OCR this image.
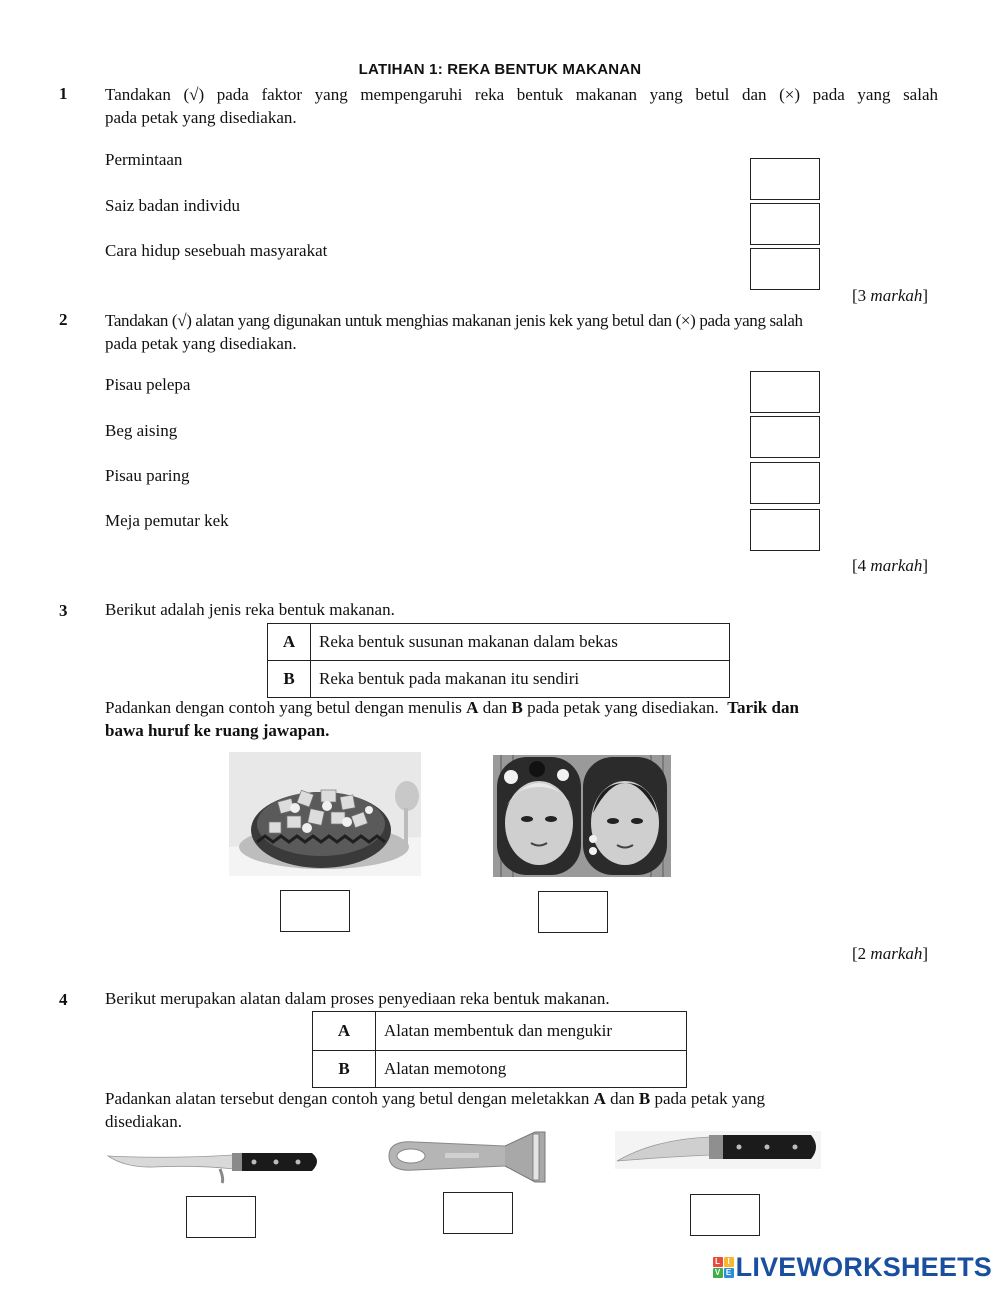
LATIHAN 1: REKA BENTUK MAKANAN
1 Tandakan (√) pada faktor yang mempengaruhi reka bentuk makanan yang betul dan (×) pada yang salah
pada petak yang disediakan.
Permintaan
Saiz badan individu
Cara hidup sesebuah masyarakat
[3 markah]
2 Tandakan (√) alatan yang digunakan untuk menghias makanan jenis kek yang betul dan (×) pada yang salah
pada petak yang disediakan.
Pisau pelepa
Beg aising
Pisau paring
Meja pemutar kek
[4 markah]
3 Berikut adalah jenis reka bentuk makanan.
A	Reka bentuk susunan makanan dalam bekas
B	Reka bentuk pada makanan itu sendiri
Padankan dengan contoh yang betul dengan menulis A dan B pada petak yang disediakan.  Tarik dan
bawa huruf ke ruang jawapan.
[2 markah]
4 Berikut merupakan alatan dalam proses penyediaan reka bentuk makanan.
A	Alatan membentuk dan mengukir
B	Alatan memotong
Padankan alatan tersebut dengan contoh yang betul dengan meletakkan A dan B pada petak yang
disediakan.
L I
V E LIVEWORKSHEETS
